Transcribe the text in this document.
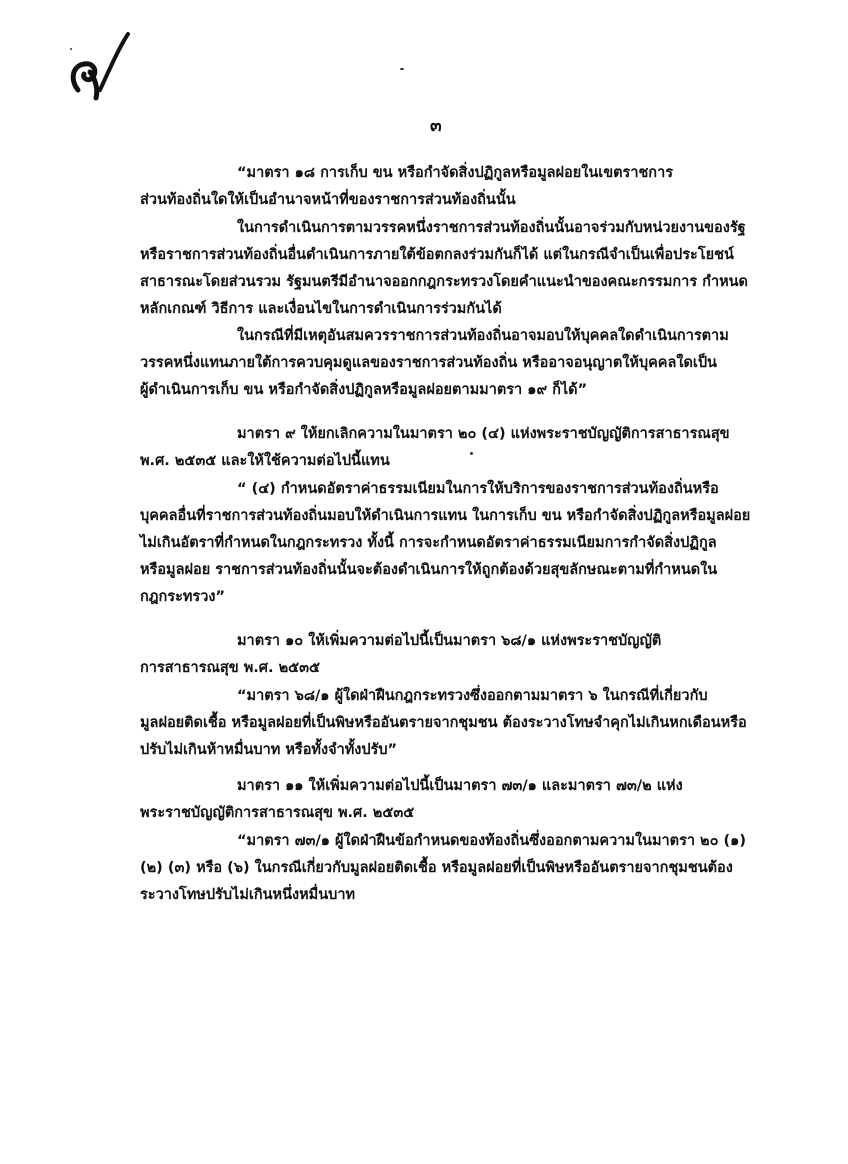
๓
“มาตรา ๑๘ การเก็บ ขน หรือกำจัดสิ่งปฏิกูลหรือมูลฝอยในเขตราชการ
ส่วนท้องถิ่นใดให้เป็นอำนาจหน้าที่ของราชการส่วนท้องถิ่นนั้น
ในการดำเนินการตามวรรคหนึ่งราชการส่วนท้องถิ่นนั้นอาจร่วมกับหน่วยงานของรัฐ
หรือราชการส่วนท้องถิ่นอื่นดำเนินการภายใต้ข้อตกลงร่วมกันก็ได้ แต่ในกรณีจำเป็นเพื่อประโยชน์
สาธารณะโดยส่วนรวม รัฐมนตรีมีอำนาจออกกฎกระทรวงโดยคำแนะนำของคณะกรรมการ กำหนด
หลักเกณฑ์ วิธีการ และเงื่อนไขในการดำเนินการร่วมกันได้
ในกรณีที่มีเหตุอันสมควรราชการส่วนท้องถิ่นอาจมอบให้บุคคลใดดำเนินการตาม
วรรคหนึ่งแทนภายใต้การควบคุมดูแลของราชการส่วนท้องถิ่น หรืออาจอนุญาตให้บุคคลใดเป็น
ผู้ดำเนินการเก็บ ขน หรือกำจัดสิ่งปฏิกูลหรือมูลฝอยตามมาตรา ๑๙ ก็ได้”
มาตรา ๙ ให้ยกเลิกความในมาตรา ๒๐ (๔) แห่งพระราชบัญญัติการสาธารณสุข
พ.ศ. ๒๕๓๕ และให้ใช้ความต่อไปนี้แทน
“ (๔) กำหนดอัตราค่าธรรมเนียมในการให้บริการของราชการส่วนท้องถิ่นหรือ
บุคคลอื่นที่ราชการส่วนท้องถิ่นมอบให้ดำเนินการแทน ในการเก็บ ขน หรือกำจัดสิ่งปฏิกูลหรือมูลฝอย
ไม่เกินอัตราที่กำหนดในกฎกระทรวง ทั้งนี้ การจะกำหนดอัตราค่าธรรมเนียมการกำจัดสิ่งปฏิกูล
หรือมูลฝอย ราชการส่วนท้องถิ่นนั้นจะต้องดำเนินการให้ถูกต้องด้วยสุขลักษณะตามที่กำหนดใน
กฎกระทรวง”
มาตรา ๑๐ ให้เพิ่มความต่อไปนี้เป็นมาตรา ๖๘/๑ แห่งพระราชบัญญัติ
การสาธารณสุข พ.ศ. ๒๕๓๕
“มาตรา ๖๘/๑ ผู้ใดฝ่าฝืนกฎกระทรวงซึ่งออกตามมาตรา ๖ ในกรณีที่เกี่ยวกับ
มูลฝอยติดเชื้อ หรือมูลฝอยที่เป็นพิษหรืออันตรายจากชุมชน ต้องระวางโทษจำคุกไม่เกินหกเดือนหรือ
ปรับไม่เกินห้าหมื่นบาท หรือทั้งจำทั้งปรับ”
มาตรา ๑๑ ให้เพิ่มความต่อไปนี้เป็นมาตรา ๗๓/๑ และมาตรา ๗๓/๒ แห่ง
พระราชบัญญัติการสาธารณสุข พ.ศ. ๒๕๓๕
“มาตรา ๗๓/๑ ผู้ใดฝ่าฝืนข้อกำหนดของท้องถิ่นซึ่งออกตามความในมาตรา ๒๐ (๑)
(๒) (๓) หรือ (๖) ในกรณีเกี่ยวกับมูลฝอยติดเชื้อ หรือมูลฝอยที่เป็นพิษหรืออันตรายจากชุมชนต้อง
ระวางโทษปรับไม่เกินหนึ่งหมื่นบาท
